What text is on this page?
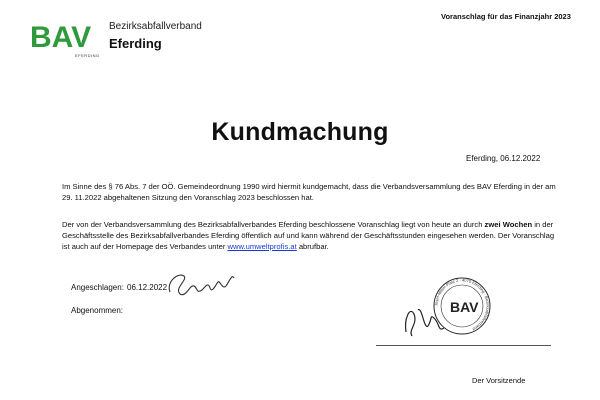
BAV
EFERDING
Bezirksabfallverband
Eferding
Voranschlag für das Finanzjahr 2023
Kundmachung
Eferding, 06.12.2022
Im Sinne des § 76 Abs. 7 der OÖ. Gemeindeordnung 1990 wird hiermit kundgemacht, dass die Verbandsversammlung des BAV Eferding in der am 29. 11.2022 abgehaltenen Sitzung den Voranschlag 2023 beschlossen hat.
Der von der Verbandsversammlung des Bezirksabfallverbandes Eferding beschlossene Voranschlag liegt von heute an durch zwei Wochen in der Geschäftsstelle des Bezirksabfallverbandes Eferding öffentlich auf und kann während der Geschäftsstunden eingesehen werden. Der Voranschlag ist auch auf der Homepage des Verbandes unter www.umweltprofis.at abrufbar.
Angeschlagen: 06.12.2022
Abgenommen:
Josef-Mitter-Platz 2 · 4070 Eferding · Bezirksabfallverband
BAV
Der Vorsitzende
